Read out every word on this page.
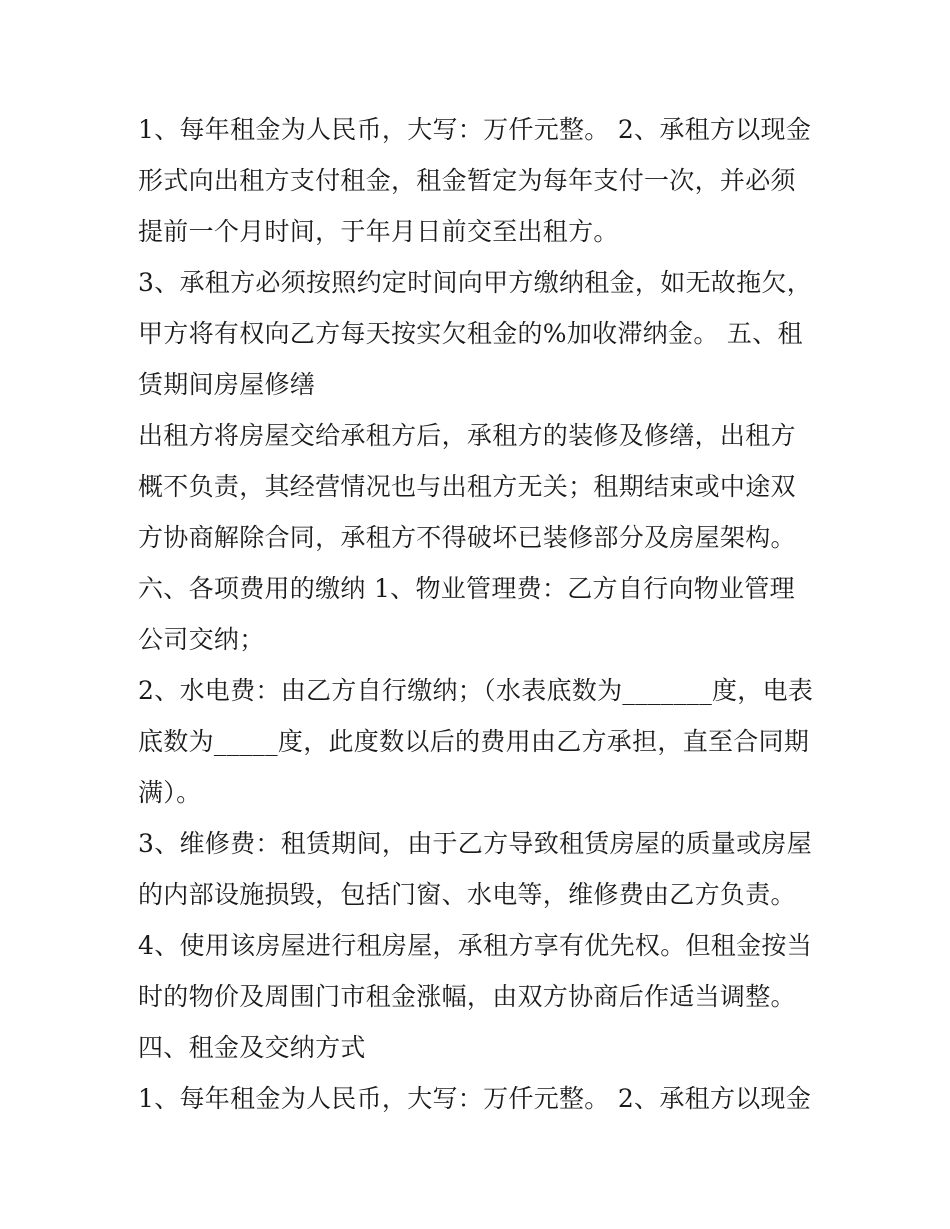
1、每年租金为人民币，大写：万仟元整。 2、承租方以现金形式向出租方支付租金，租金暂定为每年支付一次，并必须提前一个月时间，于年月日前交至出租方。

3、承租方必须按照约定时间向甲方缴纳租金，如无故拖欠，甲方将有权向乙方每天按实欠租金的%加收滞纳金。 五、租赁期间房屋修缮

出租方将房屋交给承租方后，承租方的装修及修缮，出租方概不负责，其经营情况也与出租方无关；租期结束或中途双方协商解除合同，承租方不得破坏已装修部分及房屋架构。

六、各项费用的缴纳 1、物业管理费：乙方自行向物业管理公司交纳；

2、水电费：由乙方自行缴纳；（水表底数为_______度，电表底数为_____度，此度数以后的费用由乙方承担，直至合同期满）。

3、维修费：租赁期间，由于乙方导致租赁房屋的质量或房屋的内部设施损毁，包括门窗、水电等，维修费由乙方负责。

4、使用该房屋进行租房屋，承租方享有优先权。但租金按当时的物价及周围门市租金涨幅，由双方协商后作适当调整。

四、租金及交纳方式

1、每年租金为人民币，大写：万仟元整。 2、承租方以现金
